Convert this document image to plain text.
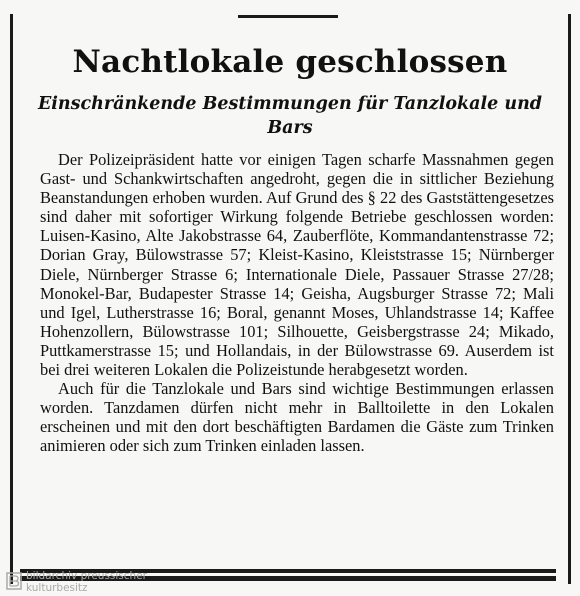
Nachtlokale geschlossen
Einschränkende Bestimmungen für Tanzlokale und Bars

Der Polizeipräsident hatte vor einigen Tagen scharfe Massnahmen gegen Gast- und Schankwirtschaften angedroht, gegen die in sittlicher Beziehung Beanstandungen erhoben wurden. Auf Grund des § 22 des Gaststättengesetzes sind daher mit sofortiger Wirkung folgende Betriebe geschlossen worden: Luisen-Kasino, Alte Jakobstrasse 64, Zauberflöte, Kommandantenstrasse 72; Dorian Gray, Bülowstrasse 57; Kleist-Kasino, Kleiststrasse 15; Nürnberger Diele, Nürnberger Strasse 6; Internationale Diele, Passauer Strasse 27/28; Monokel-Bar, Budapester Strasse 14; Geisha, Augsburger Strasse 72; Mali und Igel, Lutherstrasse 16; Boral, genannt Moses, Uhlandstrasse 14; Kaffee Hohenzollern, Bülowstrasse 101; Silhouette, Geisbergstrasse 24; Mikado, Puttkamerstrasse 15; und Hollandais, in der Bülowstrasse 69. Auserdem ist bei drei weiteren Lokalen die Polizeistunde herabgesetzt worden.

Auch für die Tanzlokale und Bars sind wichtige Bestimmungen erlassen worden. Tanzdamen dürfen nicht mehr in Balltoilette in den Lokalen erscheinen und mit den dort beschäftigten Bardamen die Gäste zum Trinken animieren oder sich zum Trinken einladen lassen.

bildarchiv preussischer
kulturbesitz
